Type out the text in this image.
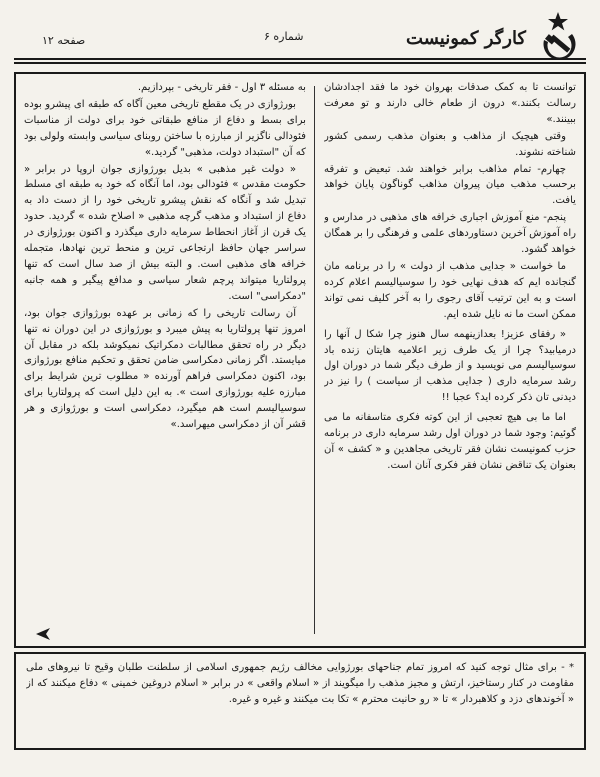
کارگر کمونیست
شماره ۶
صفحه ۱۲

توانست تا به کمک صدقات بهروان خود ما فقد اجدادشان رسالت بکنند.» درون از طعام خالی دارند و تو معرفت ببینند.»

وقتی هیچیک از مذاهب و بعنوان مذهب رسمی کشور شناخته نشوند.

چهارم- تمام مذاهب برابر خواهند شد. تبعیض و تفرقه برحسب مذهب میان پیروان مذاهب گوناگون پایان خواهد یافت.

پنجم- منع آموزش اجباری خرافه های مذهبی در مدارس و راه آموزش آخرین دستاوردهای علمی و فرهنگی را بر همگان خواهد گشود.

ما خواست « جدایی مذهب از دولت » را در برنامه مان گنجانده ایم که هدف نهایی خود را سوسیالیسم اعلام کرده است و به این ترتیب آقای رجوی را به آخر کلیف نمی تواند ممکن است ما نه نایل شده ایم.

« رفقای عزیز! بعدازینهمه سال هنوز چرا شکا ل آنها را درمیابید؟ چرا از یک طرف زیر اعلامیه هایتان زنده باد سوسیالیسم می نویسید و از طرف دیگر شما در دوران اول رشد سرمایه داری ( جدایی مذهب از سیاست ) را نیز در دیدنی تان ذکر کرده اید؟ عجبا !!

اما ما بی هیچ تعجبی از این کوته فکری متاسفانه ما می گوئیم: وجود شما در دوران اول رشد سرمایه داری در برنامه حزب کمونیست نشان فقر تاریخی مجاهدین و « کشف » آن بعنوان یک تناقض نشان فقر فکری آنان است.

به مسئله ۳ اول - فقر تاریخی - بپردازیم.

بورژوازی در یک مقطع تاریخی معین آگاه که طبقه ای پیشرو بوده برای بسط و دفاع از منافع طبقاتی خود برای دولت از مناسبات فئودالی ناگزیر از مبارزه با ساختن روبنای سیاسی وابسته ولولی بود که آن "استبداد دولت، مذهبی" گردید.»

« دولت غیر مذهبی » بدیل بورژوازی جوان اروپا در برابر « حکومت مقدس » فئودالی بود، اما آنگاه که خود به طبقه ای مسلط تبدیل شد و آنگاه که نقش پیشرو تاریخی خود را از دست داد به دفاع از استبداد و مذهب گرچه مذهبی « اصلاح شده » گردید. حدود یک قرن از آغاز انحطاط سرمایه داری میگذرد و اکنون بورژوازی در سراسر جهان حافظ ارتجاعی ترین و منحط ترین نهادها، متجمله خرافه های مذهبی است. و البته بیش از صد سال است که تنها پرولتاریا میتواند پرچم شعار سیاسی و مدافع پیگیر و همه جانبه "دمکراسی" است.

آن رسالت تاریخی را که زمانی بر عهده بورژوازی جوان بود، امروز تنها پرولتاریا به پیش میبرد و بورژوازی در این دوران نه تنها دیگر در راه تحقق مطالبات دمکراتیک نمیکوشد بلکه در مقابل آن میایستد. اگر زمانی دمکراسی ضامن تحقق و تحکیم منافع بورژوازی بود، اکنون دمکراسی فراهم آورنده « مطلوب ترین شرایط برای مبارزه علیه بورژوازی است ». به این دلیل است که پرولتاریا برای سوسیالیسم است هم میگیرد، دمکراسی است و بورژوازی و هر قشر آن از دمکراسی میهراسد.»

* - برای مثال توجه کنید که امروز تمام جناحهای بورژوایی مخالف رژیم جمهوری اسلامی از سلطنت طلبان وقیح تا نیروهای ملی مقاومت در کنار رستاخیز، ارتش و مجیز مذهب را میگویند از « اسلام واقعی » در برابر « اسلام دروغین خمینی » دفاع میکنند که از « آخوندهای دزد و کلاهبردار » تا « رو حانیت محترم » تکا بت میکنند و غیره و غیره.
